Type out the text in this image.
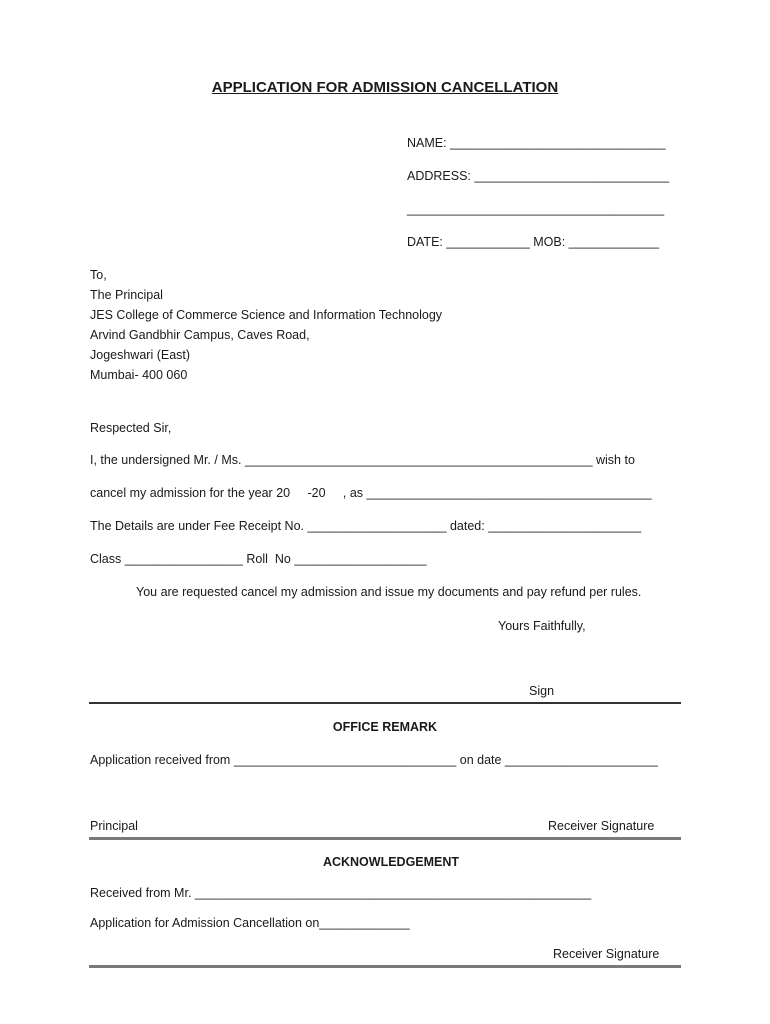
APPLICATION FOR ADMISSION CANCELLATION
NAME: _______________________________
ADDRESS: ____________________________
_____________________________________
DATE: ____________ MOB: _____________
To,
The Principal
JES College of Commerce Science and Information Technology
Arvind Gandbhir Campus, Caves Road,
Jogeshwari (East)
Mumbai- 400 060
Respected Sir,
I, the undersigned Mr. / Ms. __________________________________________________ wish to
cancel my admission for the year 20     -20     , as _________________________________________
The Details are under Fee Receipt No. ____________________ dated: ______________________
Class _________________ Roll  No ___________________
You are requested cancel my admission and issue my documents and pay refund per rules.
Yours Faithfully,
Sign
OFFICE REMARK
Application received from ________________________________ on date ______________________
Principal	Receiver Signature
ACKNOWLEDGEMENT
Received from Mr. _________________________________________________________
Application for Admission Cancellation on_____________
Receiver Signature
